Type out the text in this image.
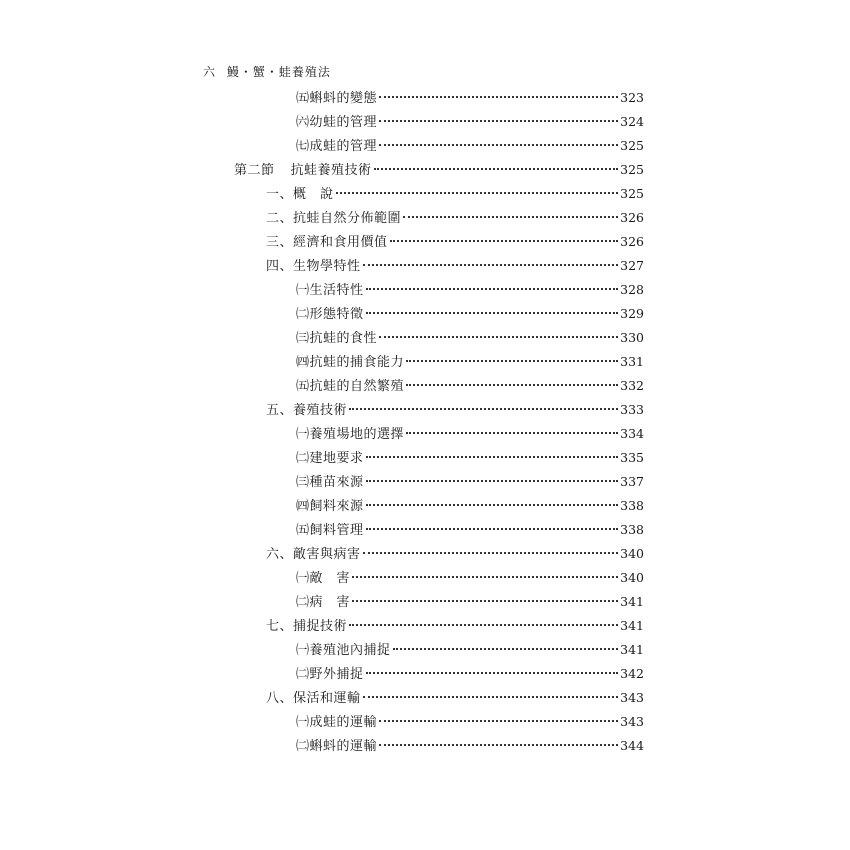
六 鰻・蟹・蛙養殖法
㈤蝌蚪的變態	323
㈥幼蛙的管理	324
㈦成蛙的管理	325
第二節 抗蛙養殖技術	325
一、概　說	325
二、抗蛙自然分佈範圍	326
三、經濟和食用價值	326
四、生物學特性	327
㈠生活特性	328
㈡形態特徵	329
㈢抗蛙的食性	330
㈣抗蛙的捕食能力	331
㈤抗蛙的自然繁殖	332
五、養殖技術	333
㈠養殖場地的選擇	334
㈡建地要求	335
㈢種苗來源	337
㈣飼料來源	338
㈤飼料管理	338
六、敵害與病害	340
㈠敵　害	340
㈡病　害	341
七、捕捉技術	341
㈠養殖池內捕捉	341
㈡野外捕捉	342
八、保活和運輸	343
㈠成蛙的運輸	343
㈡蝌蚪的運輸	344
